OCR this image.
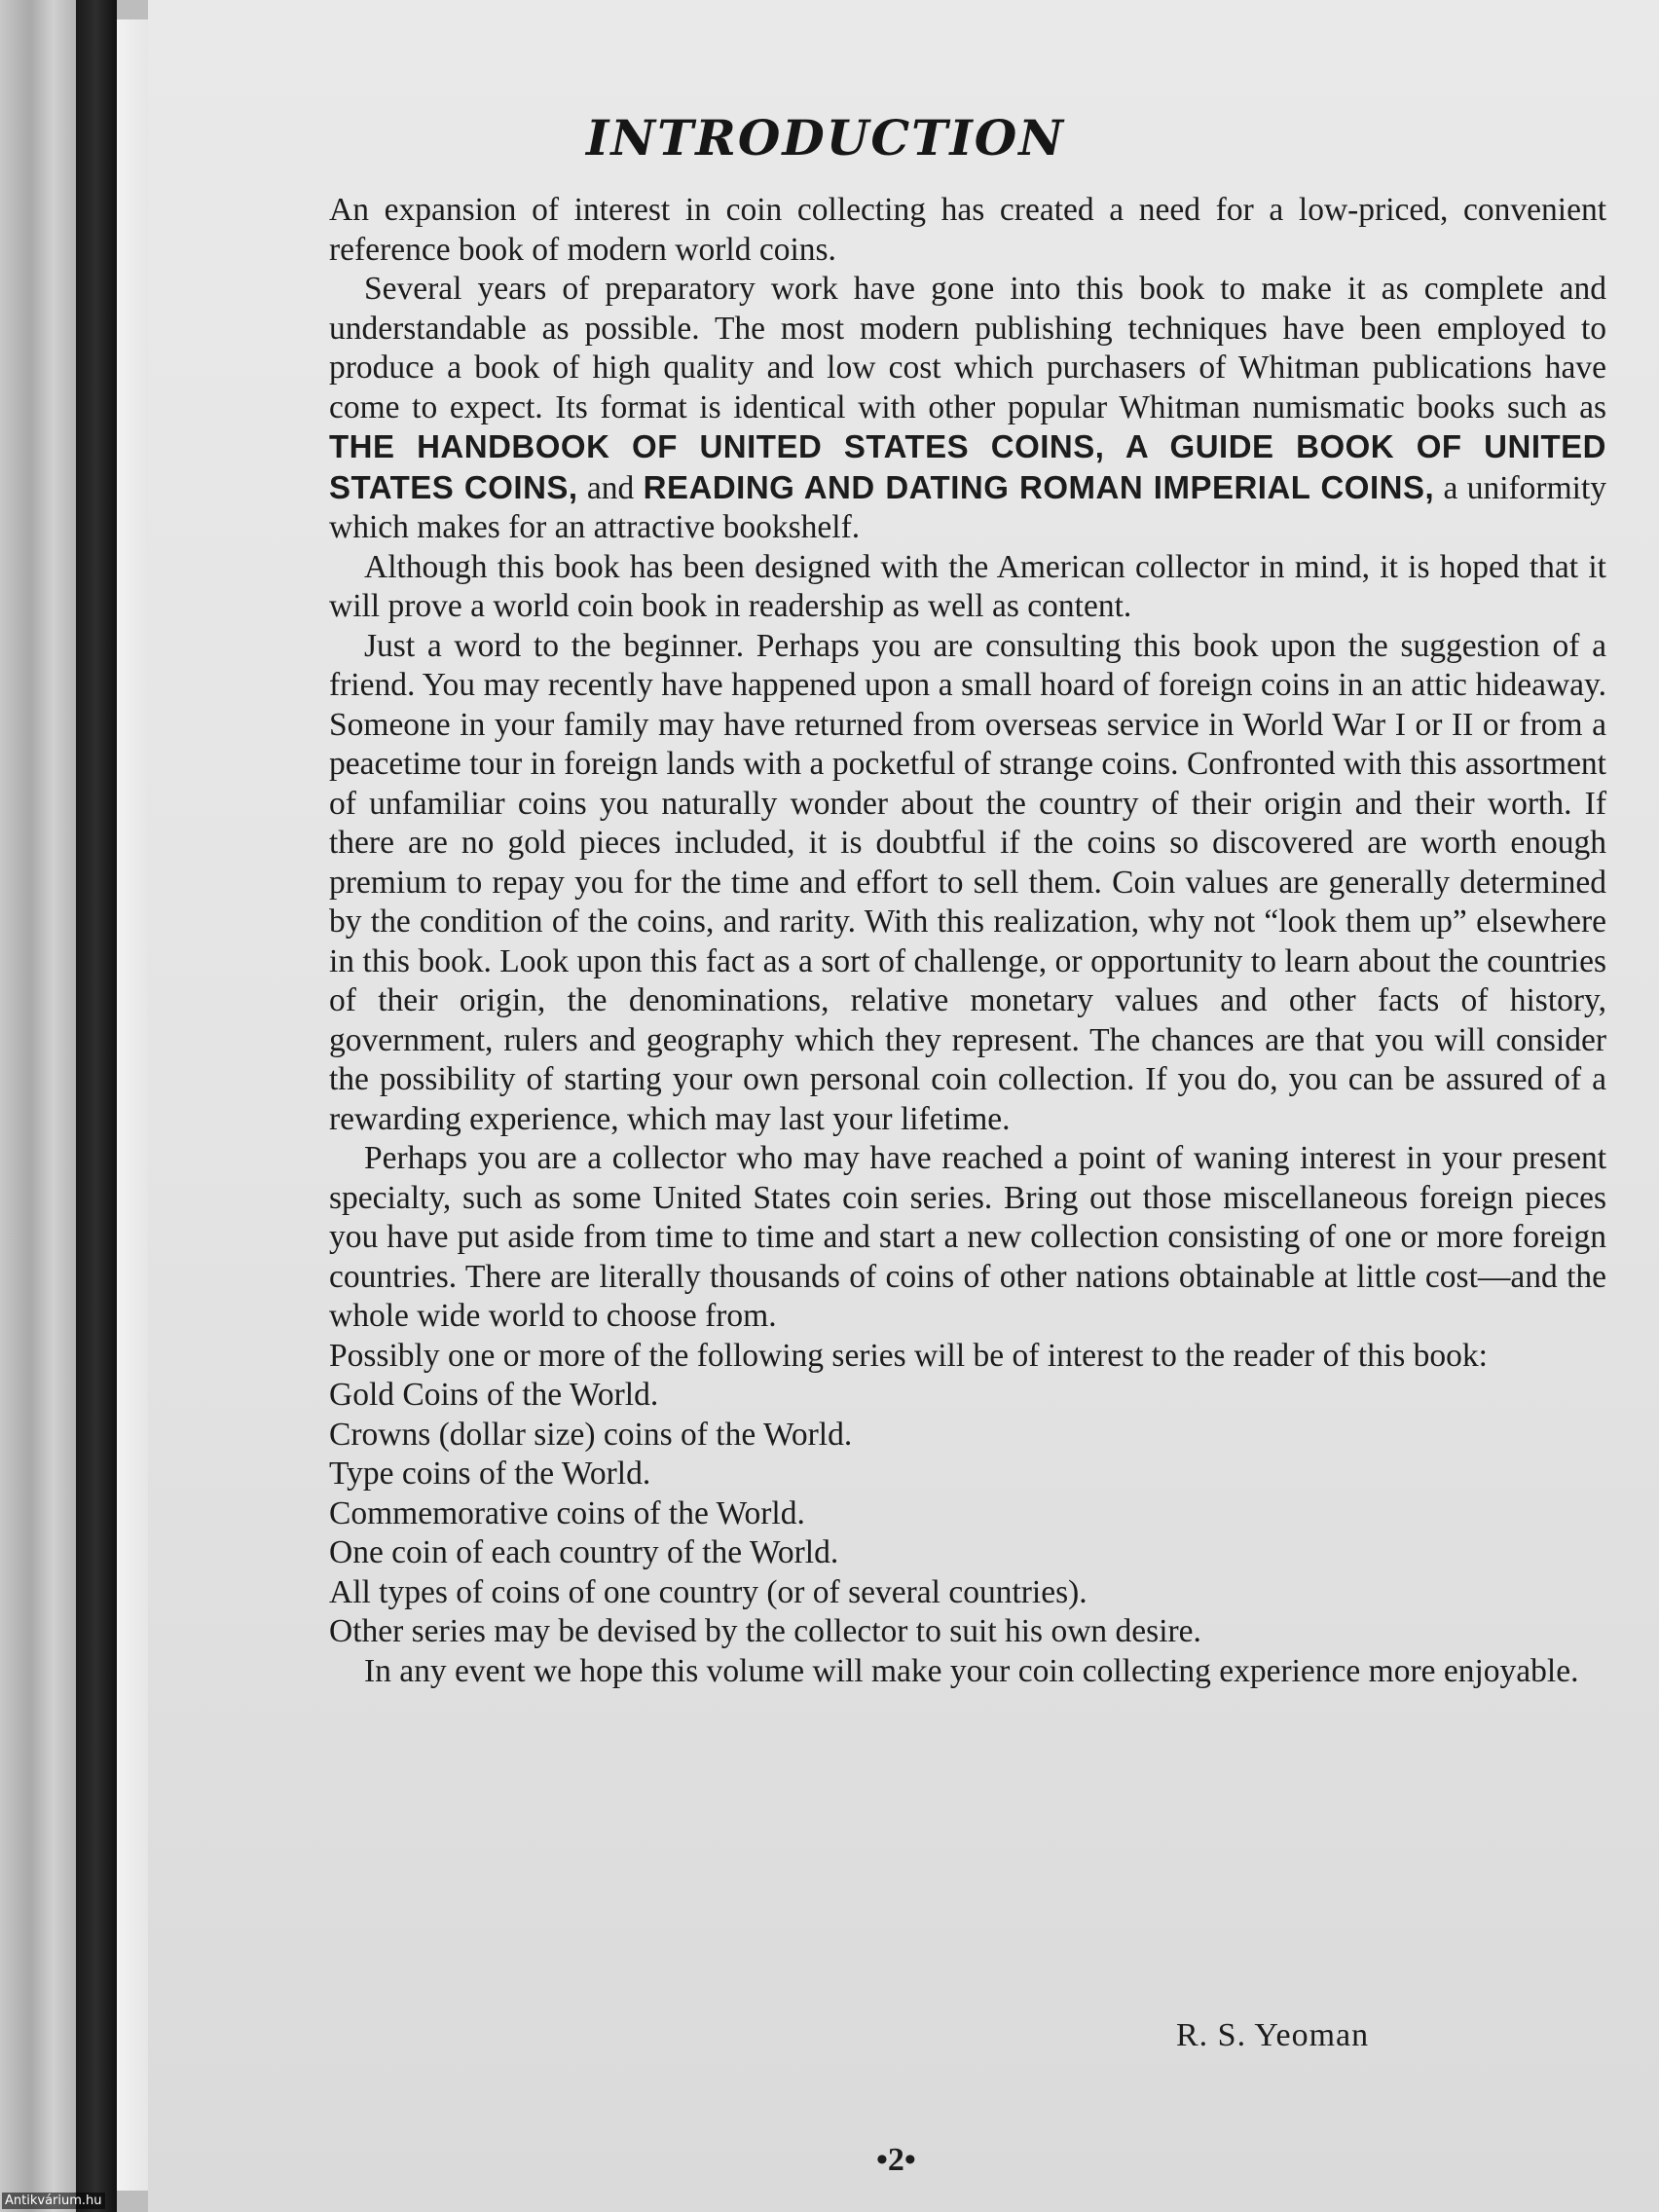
INTRODUCTION

An expansion of interest in coin collecting has created a need for a low-priced, convenient reference book of modern world coins.

Several years of preparatory work have gone into this book to make it as complete and understandable as possible. The most modern publishing techniques have been employed to produce a book of high quality and low cost which purchasers of Whitman publications have come to expect. Its format is identical with other popular Whitman numismatic books such as THE HANDBOOK OF UNITED STATES COINS, A GUIDE BOOK OF UNITED STATES COINS, and READING AND DATING ROMAN IMPERIAL COINS, a uniformity which makes for an attractive bookshelf.

Although this book has been designed with the American collector in mind, it is hoped that it will prove a world coin book in readership as well as content.

Just a word to the beginner. Perhaps you are consulting this book upon the suggestion of a friend. You may recently have happened upon a small hoard of foreign coins in an attic hideaway. Someone in your family may have returned from overseas service in World War I or II or from a peacetime tour in foreign lands with a pocketful of strange coins. Confronted with this assortment of unfamiliar coins you naturally wonder about the country of their origin and their worth. If there are no gold pieces included, it is doubtful if the coins so discovered are worth enough premium to repay you for the time and effort to sell them. Coin values are generally determined by the condition of the coins, and rarity. With this realization, why not “look them up” elsewhere in this book. Look upon this fact as a sort of challenge, or opportunity to learn about the countries of their origin, the denominations, relative monetary values and other facts of history, government, rulers and geography which they represent. The chances are that you will consider the possibility of starting your own personal coin collection. If you do, you can be assured of a rewarding experience, which may last your lifetime.

Perhaps you are a collector who may have reached a point of waning interest in your present specialty, such as some United States coin series. Bring out those miscellaneous foreign pieces you have put aside from time to time and start a new collection consisting of one or more foreign countries. There are literally thousands of coins of other nations obtainable at little cost—and the whole wide world to choose from.

Possibly one or more of the following series will be of interest to the reader of this book:

Gold Coins of the World.

Crowns (dollar size) coins of the World.

Type coins of the World.

Commemorative coins of the World.

One coin of each country of the World.

All types of coins of one country (or of several countries).

Other series may be devised by the collector to suit his own desire.

In any event we hope this volume will make your coin collecting experience more enjoyable.

R. S. Yeoman
•2•
Antikvárium.hu
